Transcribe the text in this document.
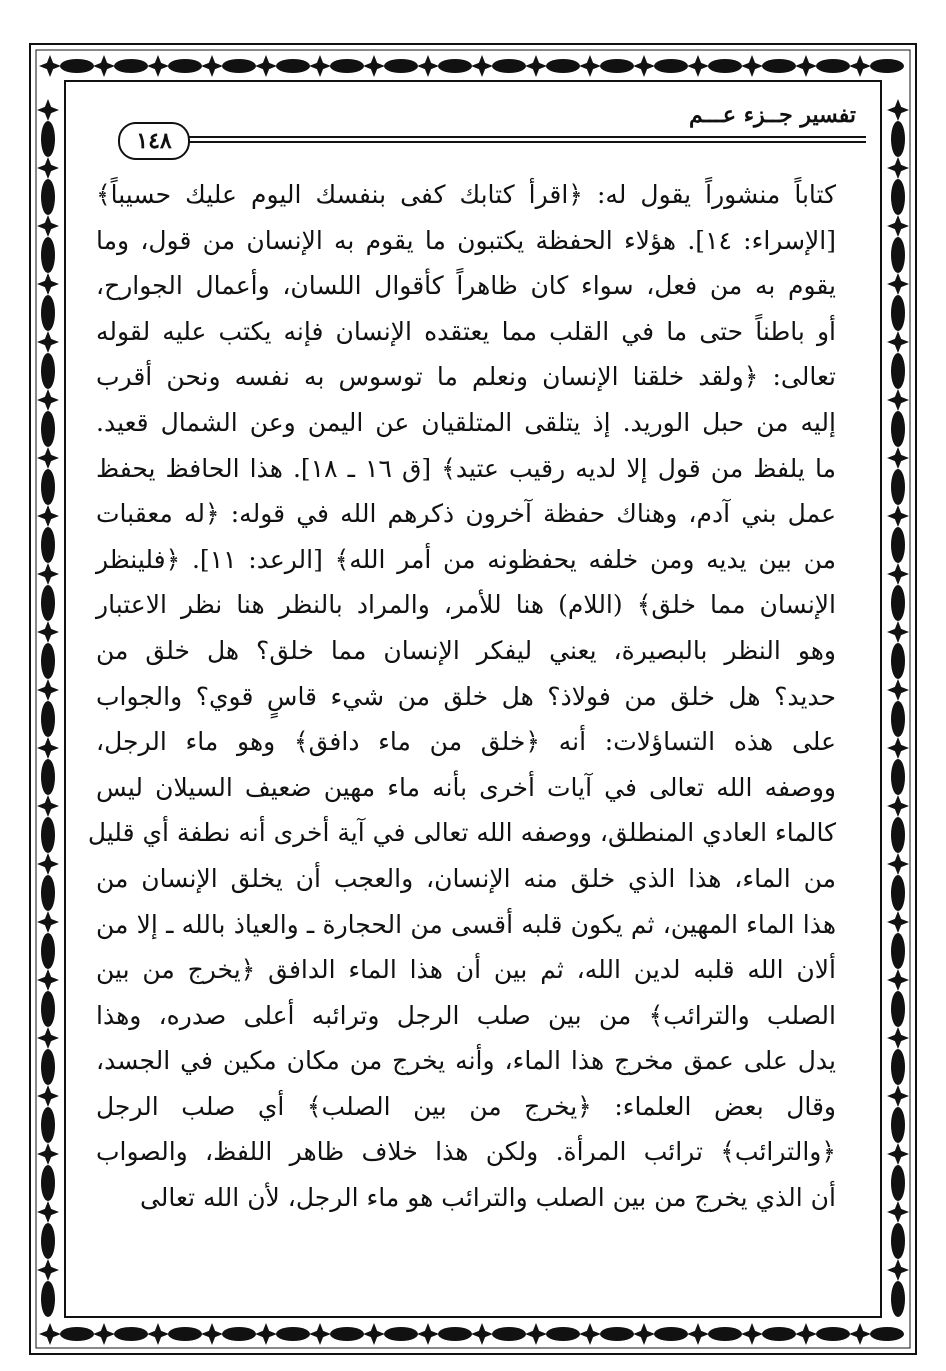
تفسير جــزء عـــم
١٤٨
كتاباً منشوراً يقول له: ﴿اقرأ كتابك كفى بنفسك اليوم عليك حسيباً﴾
[الإسراء: ١٤]. هؤلاء الحفظة يكتبون ما يقوم به الإنسان من قول، وما
يقوم به من فعل، سواء كان ظاهراً كأقوال اللسان، وأعمال الجوارح،
أو باطناً حتى ما في القلب مما يعتقده الإنسان فإنه يكتب عليه لقوله
تعالى: ﴿ولقد خلقنا الإنسان ونعلم ما توسوس به نفسه ونحن أقرب
إليه من حبل الوريد. إذ يتلقى المتلقيان عن اليمن وعن الشمال قعيد.
ما يلفظ من قول إلا لديه رقيب عتيد﴾ [ق ١٦ ـ ١٨]. هذا الحافظ يحفظ
عمل بني آدم، وهناك حفظة آخرون ذكرهم الله في قوله: ﴿له معقبات
من بين يديه ومن خلفه يحفظونه من أمر الله﴾ [الرعد: ١١]. ﴿فلينظر
الإنسان مما خلق﴾ (اللام) هنا للأمر، والمراد بالنظر هنا نظر الاعتبار
وهو النظر بالبصيرة، يعني ليفكر الإنسان مما خلق؟ هل خلق من
حديد؟ هل خلق من فولاذ؟ هل خلق من شيء قاسٍ قوي؟ والجواب
على هذه التساؤلات: أنه ﴿خلق من ماء دافق﴾ وهو ماء الرجل،
ووصفه الله تعالى في آيات أخرى بأنه ماء مهين ضعيف السيلان ليس
كالماء العادي المنطلق، ووصفه الله تعالى في آية أخرى أنه نطفة أي قليل
من الماء، هذا الذي خلق منه الإنسان، والعجب أن يخلق الإنسان من
هذا الماء المهين، ثم يكون قلبه أقسى من الحجارة ـ والعياذ بالله ـ إلا من
ألان الله قلبه لدين الله، ثم بين أن هذا الماء الدافق ﴿يخرج من بين
الصلب والترائب﴾ من بين صلب الرجل وترائبه أعلى صدره، وهذا
يدل على عمق مخرج هذا الماء، وأنه يخرج من مكان مكين في الجسد،
وقال بعض العلماء: ﴿يخرج من بين الصلب﴾ أي صلب الرجل
﴿والترائب﴾ ترائب المرأة. ولكن هذا خلاف ظاهر اللفظ، والصواب
أن الذي يخرج من بين الصلب والترائب هو ماء الرجل، لأن الله تعالى
